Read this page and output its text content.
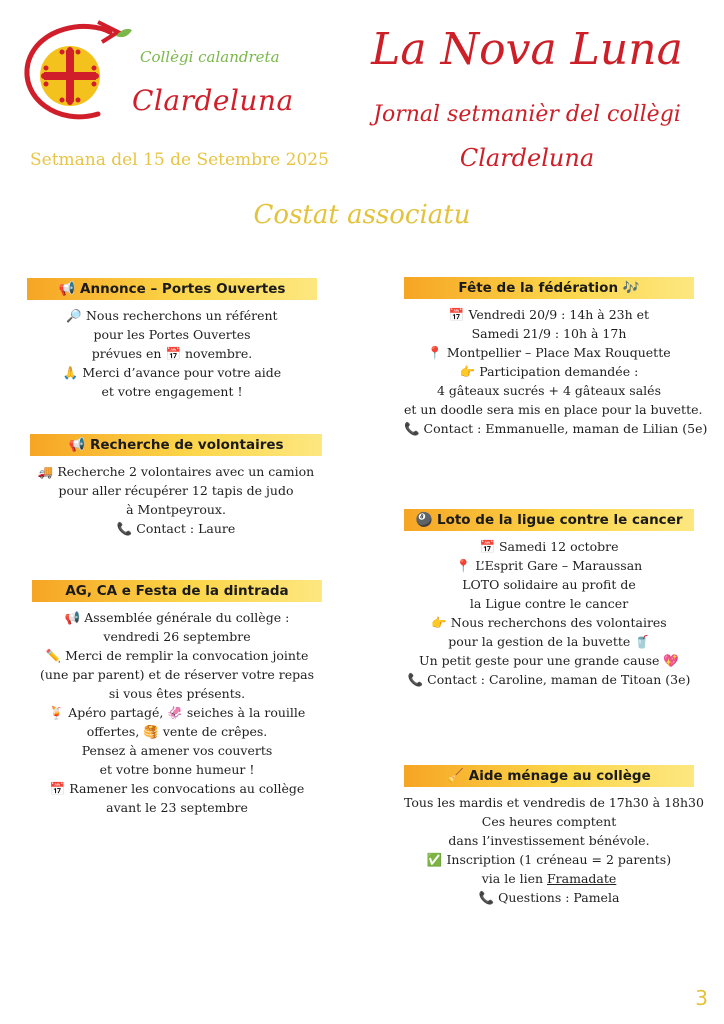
Collègi calandreta
Clardeluna
La Nova Luna
Jornal setmanièr del collègi
Clardeluna
Setmana del 15 de Setembre 2025
Costat associatu
📢 Annonce – Portes Ouvertes
🔎 Nous recherchons un référent
pour les Portes Ouvertes
prévues en 📅 novembre.
🙏 Merci d’avance pour votre aide
et votre engagement !
📢 Recherche de volontaires
🚚 Recherche 2 volontaires avec un camion
pour aller récupérer 12 tapis de judo
à Montpeyroux.
📞 Contact : Laure
AG, CA e Festa de la dintrada
📢 Assemblée générale du collège :
vendredi 26 septembre
✏️ Merci de remplir la convocation jointe
(une par parent) et de réserver votre repas
si vous êtes présents.
🍹 Apéro partagé, 🦑 seiches à la rouille
offertes, 🥞 vente de crêpes.
Pensez à amener vos couverts
et votre bonne humeur !
📅 Ramener les convocations au collège
avant le 23 septembre
Fête de la fédération 🎶
📅 Vendredi 20/9 : 14h à 23h et
Samedi 21/9 : 10h à 17h
📍 Montpellier – Place Max Rouquette
👉 Participation demandée :
4 gâteaux sucrés + 4 gâteaux salés
et un doodle sera mis en place pour la buvette.
📞 Contact : Emmanuelle, maman de Lilian (5e)
🎱 Loto de la ligue contre le cancer
📅 Samedi 12 octobre
📍 L’Esprit Gare – Maraussan
LOTO solidaire au profit de
la Ligue contre le cancer
👉 Nous recherchons des volontaires
pour la gestion de la buvette 🥤
Un petit geste pour une grande cause 💖
📞 Contact : Caroline, maman de Titoan (3e)
🧹 Aide ménage au collège
Tous les mardis et vendredis de 17h30 à 18h30
Ces heures comptent
dans l’investissement bénévole.
✅ Inscription (1 créneau = 2 parents)
via le lien Framadate
📞 Questions : Pamela
3
